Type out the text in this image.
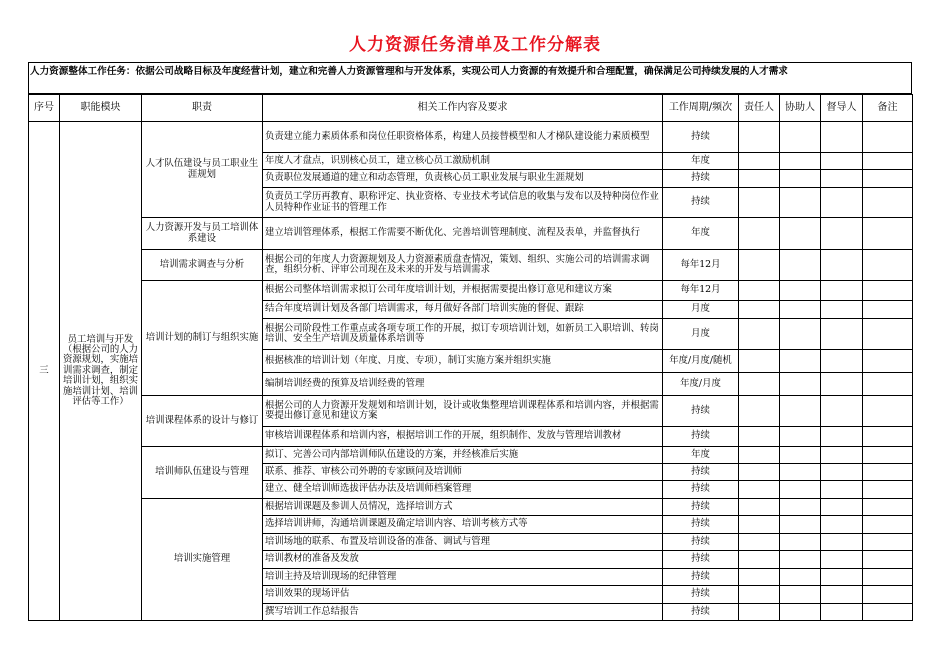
人力资源任务清单及工作分解表
人力资源整体工作任务：依据公司战略目标及年度经营计划，建立和完善人力资源管理和与开发体系，实现公司人力资源的有效提升和合理配置，确保满足公司持续发展的人才需求
序号	职能模块	职责	相关工作内容及要求	工作周期/频次	责任人	协助人	督导人	备注
三	员工培训与开发（根据公司的人力资源规划，实施培训需求调查，制定培训计划，组织实施培训计划、培训评估等工作）	人才队伍建设与员工职业生涯规划	负责建立能力素质体系和岗位任职资格体系，构建人员接替模型和人才梯队建设能力素质模型	持续				
			年度人才盘点，识别核心员工，建立核心员工激励机制	年度				
			负责职位发展通道的建立和动态管理，负责核心员工职业发展与职业生涯规划	持续				
			负责员工学历再教育、职称评定、执业资格、专业技术考试信息的收集与发布以及特种岗位作业人员特种作业证书的管理工作	持续				
		人力资源开发与员工培训体系建设	建立培训管理体系，根据工作需要不断优化、完善培训管理制度、流程及表单，并监督执行	年度				
		培训需求调查与分析	根据公司的年度人力资源规划及人力资源素质盘查情况，策划、组织、实施公司的培训需求调查，组织分析、评审公司现在及未来的开发与培训需求	每年12月				
		培训计划的制订与组织实施	根据公司整体培训需求拟订公司年度培训计划，并根据需要提出修订意见和建议方案	每年12月				
			结合年度培训计划及各部门培训需求，每月做好各部门培训实施的督促、跟踪	月度				
			根据公司阶段性工作重点或各项专项工作的开展，拟订专项培训计划，如新员工入职培训、转岗培训、安全生产培训及质量体系培训等	月度				
			根据核准的培训计划（年度、月度、专项），制订实施方案并组织实施	年度/月度/随机				
			编制培训经费的预算及培训经费的管理	年度/月度				
		培训课程体系的设计与修订	根据公司的人力资源开发规划和培训计划，设计或收集整理培训课程体系和培训内容，并根据需要提出修订意见和建议方案	持续				
			审核培训课程体系和培训内容，根据培训工作的开展，组织制作、发放与管理培训教材	持续				
		培训师队伍建设与管理	拟订、完善公司内部培训师队伍建设的方案，并经核准后实施	年度				
			联系、推荐、审核公司外聘的专家顾问及培训师	持续				
			建立、健全培训师选拔评估办法及培训师档案管理	持续				
		培训实施管理	根据培训课题及参训人员情况，选择培训方式	持续				
			选择培训讲师，沟通培训课题及确定培训内容、培训考核方式等	持续				
			培训场地的联系、布置及培训设备的准备、调试与管理	持续				
			培训教材的准备及发放	持续				
			培训主持及培训现场的纪律管理	持续				
			培训效果的现场评估	持续				
			撰写培训工作总结报告	持续				
